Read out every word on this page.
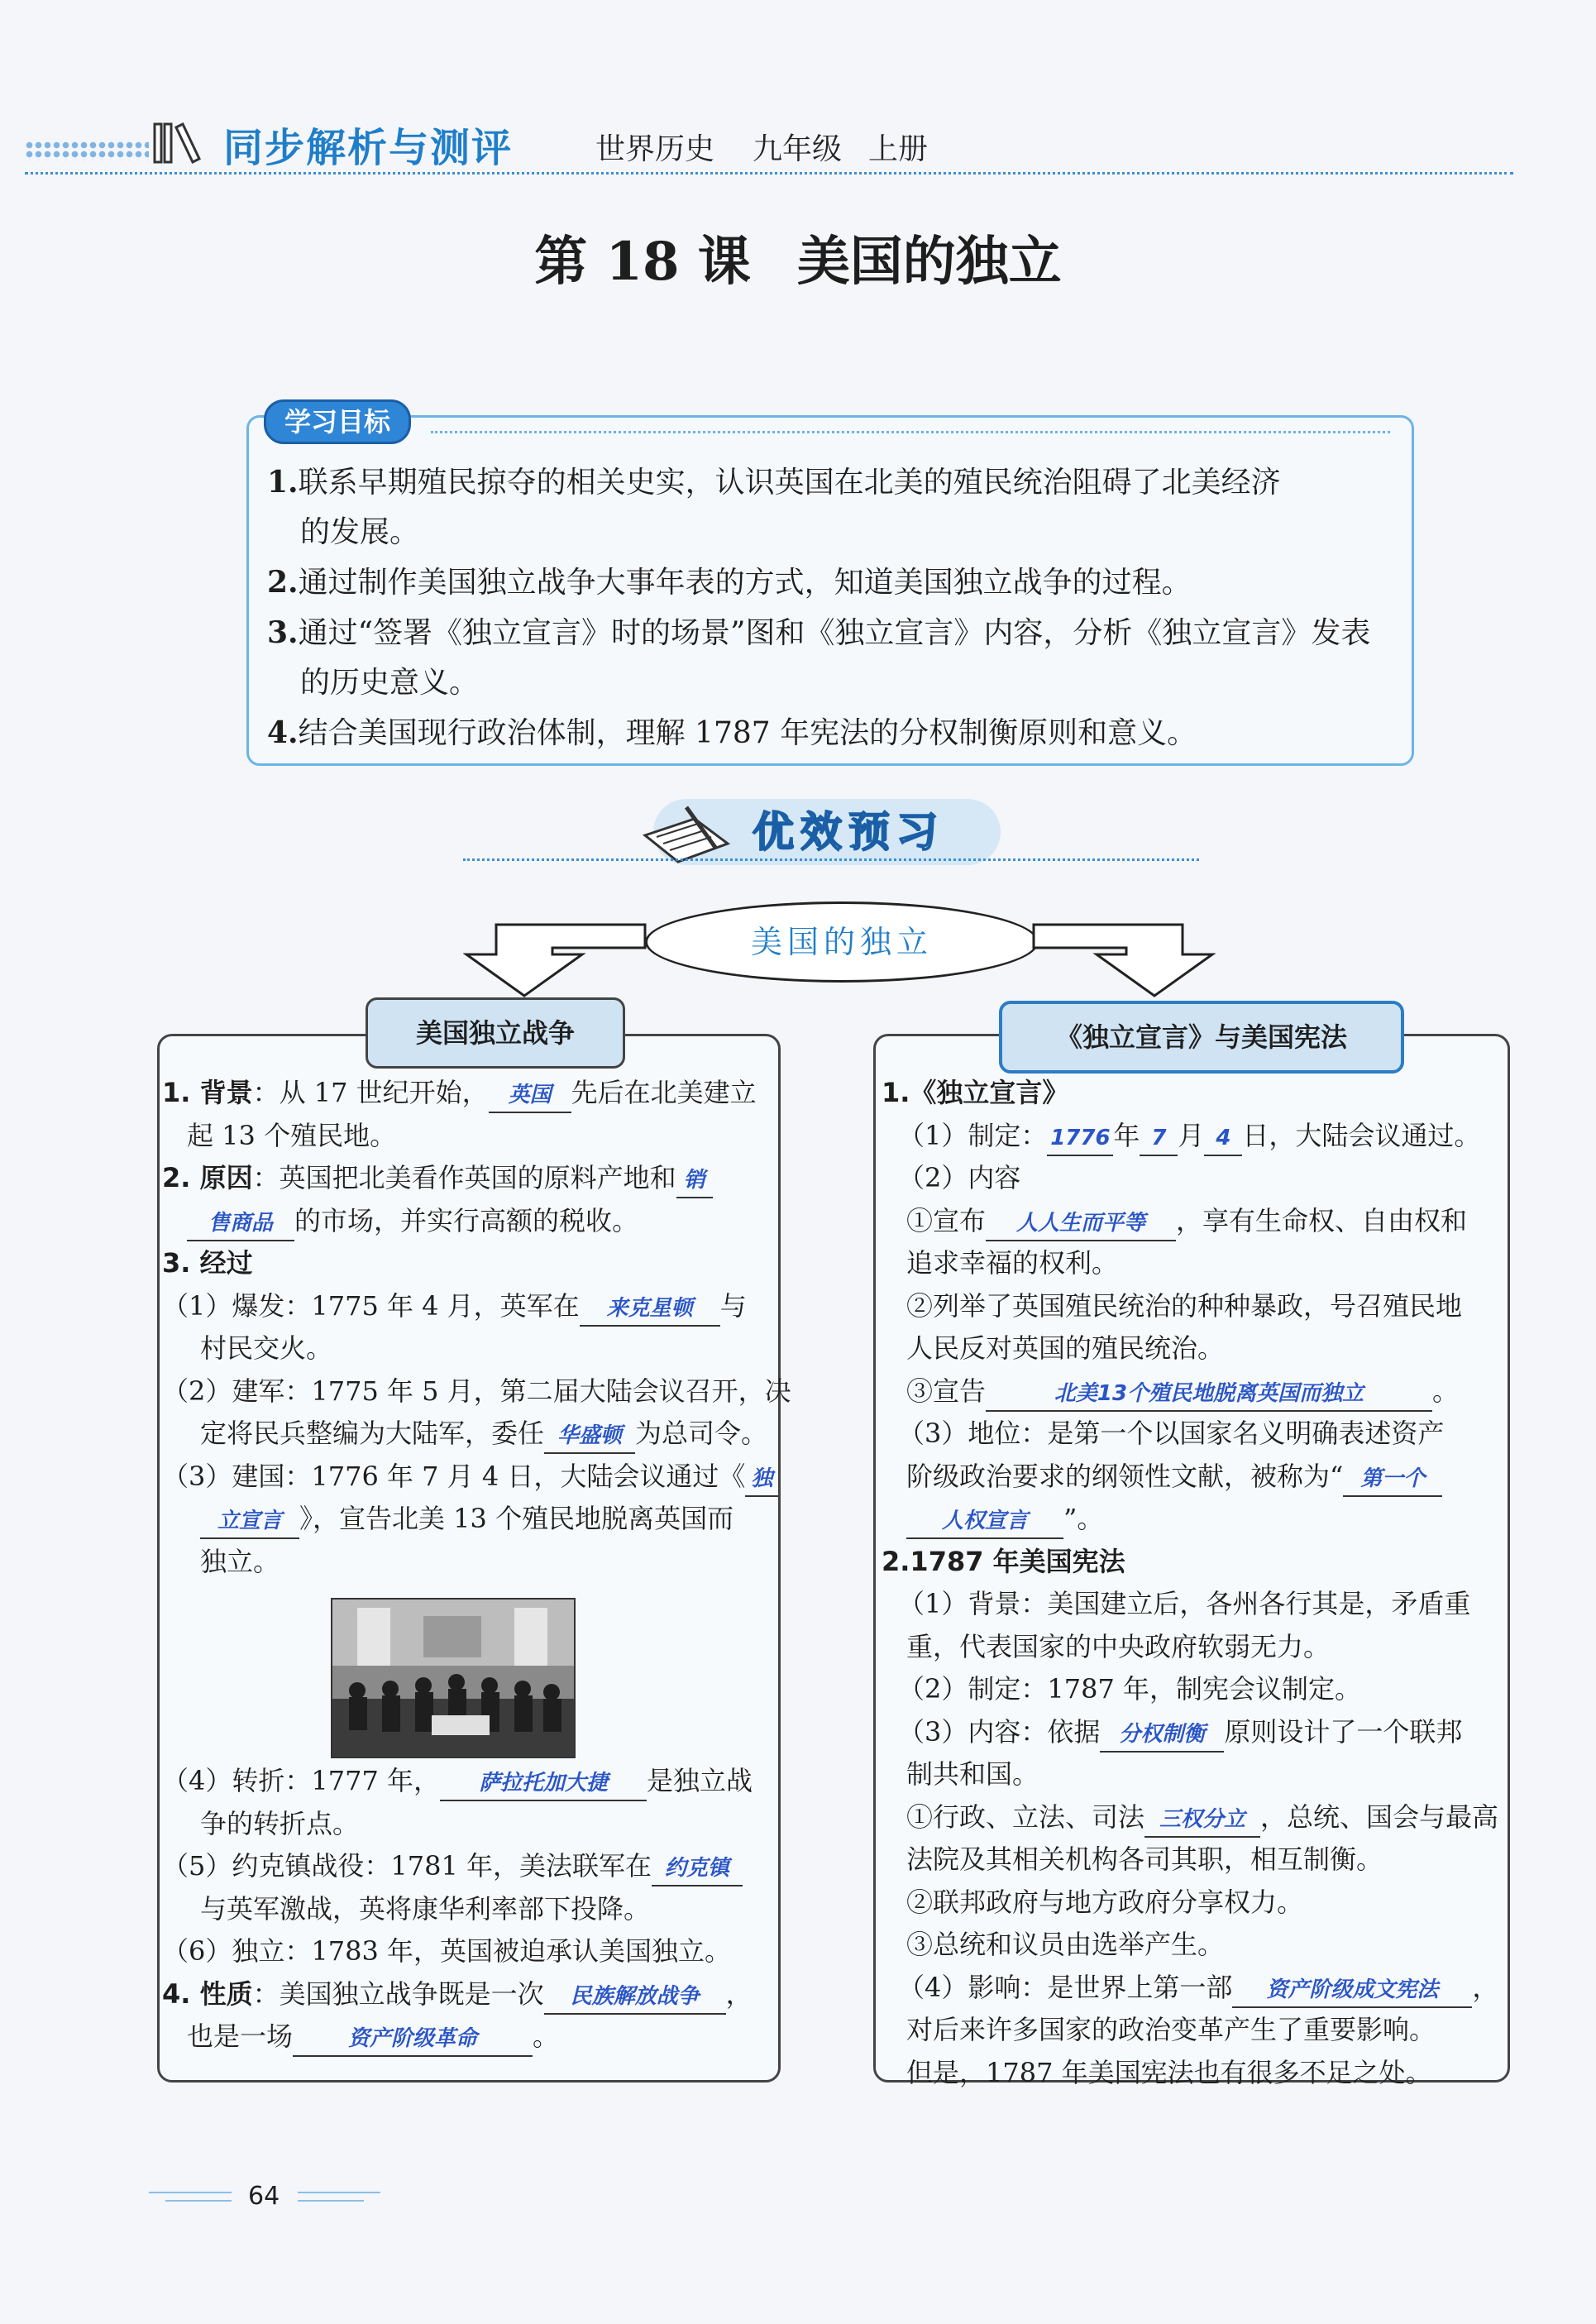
同步解析与测评	世界历史 九年级 上册
第 18 课 美国的独立
学习目标
1.联系早期殖民掠夺的相关史实，认识英国在北美的殖民统治阻碍了北美经济
的发展。
2.通过制作美国独立战争大事年表的方式，知道美国独立战争的过程。
3.通过“签署《独立宣言》时的场景”图和《独立宣言》内容，分析《独立宣言》发表
的历史意义。
4.结合美国现行政治体制，理解 1787 年宪法的分权制衡原则和意义。
优效预习
美国的独立
美国独立战争
1. 背景：从 17 世纪开始， 英国 先后在北美建立
起 13 个殖民地。
2. 原因：英国把北美看作英国的原料产地和 销
售商品 的市场，并实行高额的税收。
3. 经过
（1）爆发：1775 年 4 月，英军在 来克星顿 与
村民交火。
（2）建军：1775 年 5 月，第二届大陆会议召开，决
定将民兵整编为大陆军，委任 华盛顿 为总司令。
（3）建国：1776 年 7 月 4 日，大陆会议通过《 独
立宣言 》，宣告北美 13 个殖民地脱离英国而
独立。
（4）转折：1777 年， 萨拉托加大捷 是独立战
争的转折点。
（5）约克镇战役：1781 年，美法联军在 约克镇
与英军激战，英将康华利率部下投降。
（6）独立：1783 年，英国被迫承认美国独立。
4. 性质：美国独立战争既是一次 民族解放战争 ，
也是一场	资产阶级革命 。
《独立宣言》与美国宪法
1.《独立宣言》
（1）制定： 1776 年 7 月 4 日，大陆会议通过。
（2）内容
①宣布 人人生而平等 ，享有生命权、自由权和
追求幸福的权利。
②列举了英国殖民统治的种种暴政，号召殖民地
人民反对英国的殖民统治。
③宣告	北美13个殖民地脱离英国而独立	。
（3）地位：是第一个以国家名义明确表述资产
阶级政治要求的纲领性文献，被称为“ 第一个
人权宣言 ”。
2.1787 年美国宪法
（1）背景：美国建立后，各州各行其是，矛盾重
重，代表国家的中央政府软弱无力。
（2）制定：1787 年，制宪会议制定。
（3）内容：依据 分权制衡 原则设计了一个联邦
制共和国。
①行政、立法、司法 三权分立 ，总统、国会与最高
法院及其相关机构各司其职，相互制衡。
②联邦政府与地方政府分享权力。
③总统和议员由选举产生。
（4）影响：是世界上第一部 资产阶级成文宪法 ，
对后来许多国家的政治变革产生了重要影响。
但是，1787 年美国宪法也有很多不足之处。
64
